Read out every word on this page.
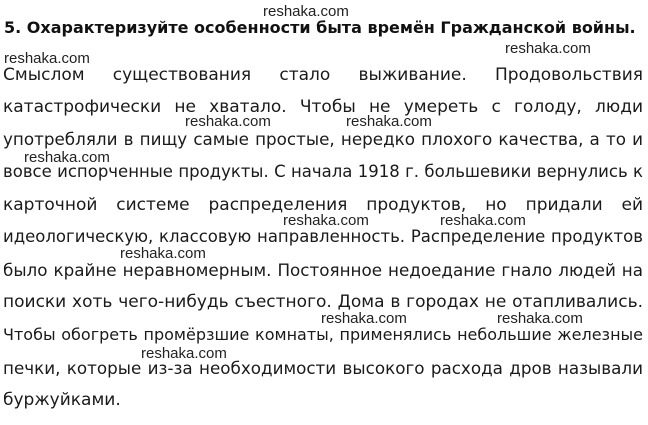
reshaka.com
reshaka.com
reshaka.com
reshaka.com	reshaka.com
reshaka.com
reshaka.com	reshaka.com
reshaka.com
reshaka.com	reshaka.com
reshaka.com
5. Охарактеризуйте особенности быта времён Гражданской войны.
Смыслом существования стало выживание. Продовольствия
катастрофически не хватало. Чтобы не умереть с голоду, люди
употребляли в пищу самые простые, нередко плохого качества, а то и
вовсе испорченные продукты. С начала 1918 г. большевики вернулись к
карточной системе распределения продуктов, но придали ей
идеологическую, классовую направленность. Распределение продуктов
было крайне неравномерным. Постоянное недоедание гнало людей на
поиски хоть чего-нибудь съестного. Дома в городах не отапливались.
Чтобы обогреть промёрзшие комнаты, применялись небольшие железные
печки, которые из-за необходимости высокого расхода дров называли
буржуйками.
